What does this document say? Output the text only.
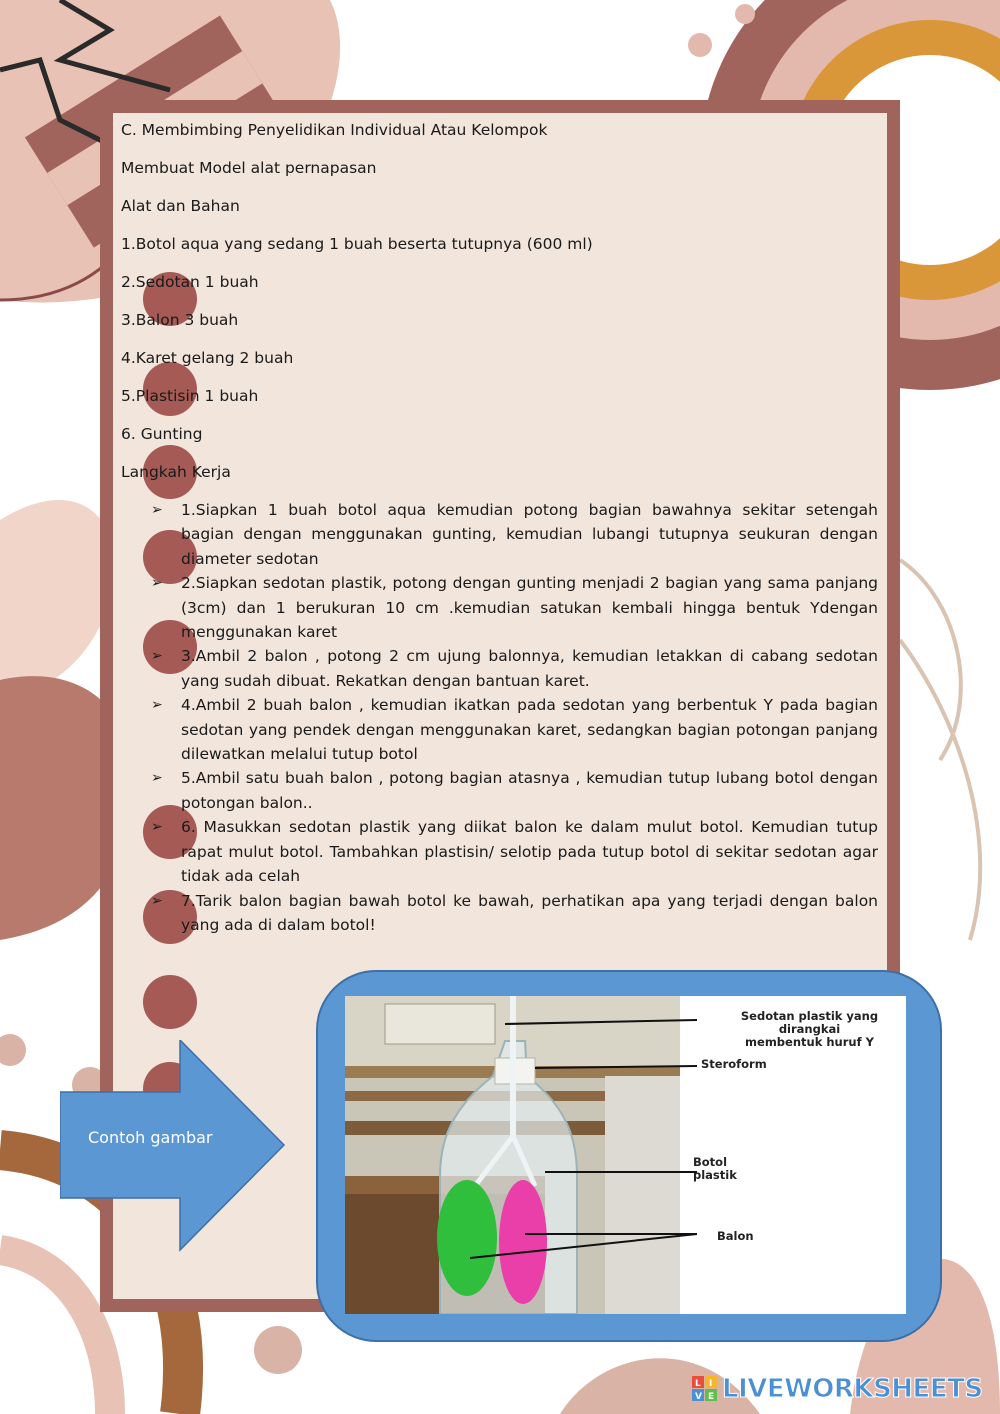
C. Membimbing Penyelidikan Individual Atau Kelompok

Membuat Model alat pernapasan

Alat dan Bahan

1.Botol aqua yang sedang 1 buah beserta tutupnya (600 ml)

2.Sedotan 1 buah

3.Balon 3 buah

4.Karet gelang 2 buah

5.Plastisin 1 buah

6. Gunting

Langkah Kerja

➢ 1.Siapkan 1 buah botol aqua kemudian potong bagian bawahnya sekitar setengah bagian dengan menggunakan gunting, kemudian lubangi tutupnya seukuran dengan diameter sedotan
➢ 2.Siapkan sedotan plastik, potong dengan gunting menjadi 2 bagian yang sama panjang (3cm) dan 1 berukuran 10 cm .kemudian satukan kembali hingga bentuk Ydengan menggunakan karet
➢ 3.Ambil 2 balon , potong 2 cm ujung balonnya, kemudian letakkan di cabang sedotan yang sudah dibuat. Rekatkan dengan bantuan karet.
➢ 4.Ambil 2 buah balon , kemudian ikatkan pada sedotan yang berbentuk Y pada bagian sedotan yang pendek dengan menggunakan karet, sedangkan bagian potongan panjang dilewatkan melalui tutup botol
➢ 5.Ambil satu buah balon , potong bagian atasnya , kemudian tutup lubang botol dengan potongan balon..
➢ 6. Masukkan sedotan plastik yang diikat balon ke dalam mulut botol. Kemudian tutup rapat mulut botol. Tambahkan plastisin/ selotip pada tutup botol di sekitar sedotan agar tidak ada celah
➢ 7.Tarik balon bagian bawah botol ke bawah, perhatikan apa yang terjadi dengan balon yang ada di dalam botol!
Contoh gambar
Sedotan plastik yang dirangkai
membentuk huruf Y
Steroform
Botol
plastik
Balon
L I
V E LIVEWORKSHEETS
